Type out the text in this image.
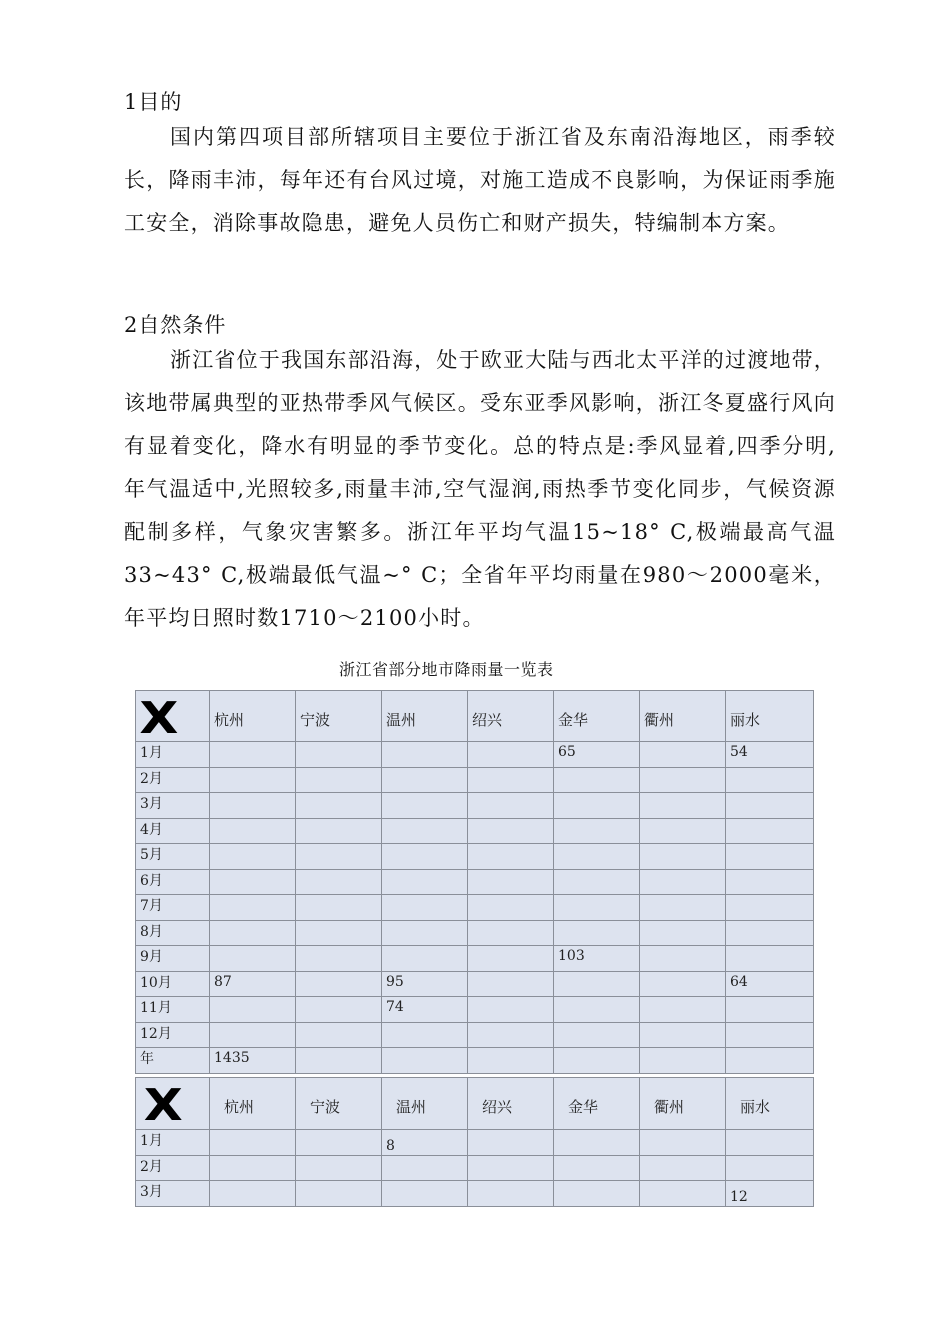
1目的

国内第四项目部所辖项目主要位于浙江省及东南沿海地区，雨季较长，降雨丰沛，每年还有台风过境，对施工造成不良影响，为保证雨季施工安全，消除事故隐患，避免人员伤亡和财产损失，特编制本方案。

2自然条件

浙江省位于我国东部沿海，处于欧亚大陆与西北太平洋的过渡地带，该地带属典型的亚热带季风气候区。受东亚季风影响，浙江冬夏盛行风向有显着变化，降水有明显的季节变化。总的特点是:季风显着,四季分明,年气温适中,光照较多,雨量丰沛,空气湿润,雨热季节变化同步，气候资源配制多样，气象灾害繁多。浙江年平均气温15~18° C,极端最高气温33~43° C,极端最低气温~° C；全省年平均雨量在980〜2000毫米，年平均日照时数1710〜2100小时。

浙江省部分地市降雨量一览表
X	杭州	宁波	温州	绍兴	金华	衢州	丽水

1月					65		54

2月	

3月	

4月	

5月	

6月	

7月	

8月	

9月					103		

10月	87		95				64

11月			74				

12月	

年	1435						

X	杭州	宁波	温州	绍兴	金华	衢州	丽水

1月			8				

2月	

3月							12
